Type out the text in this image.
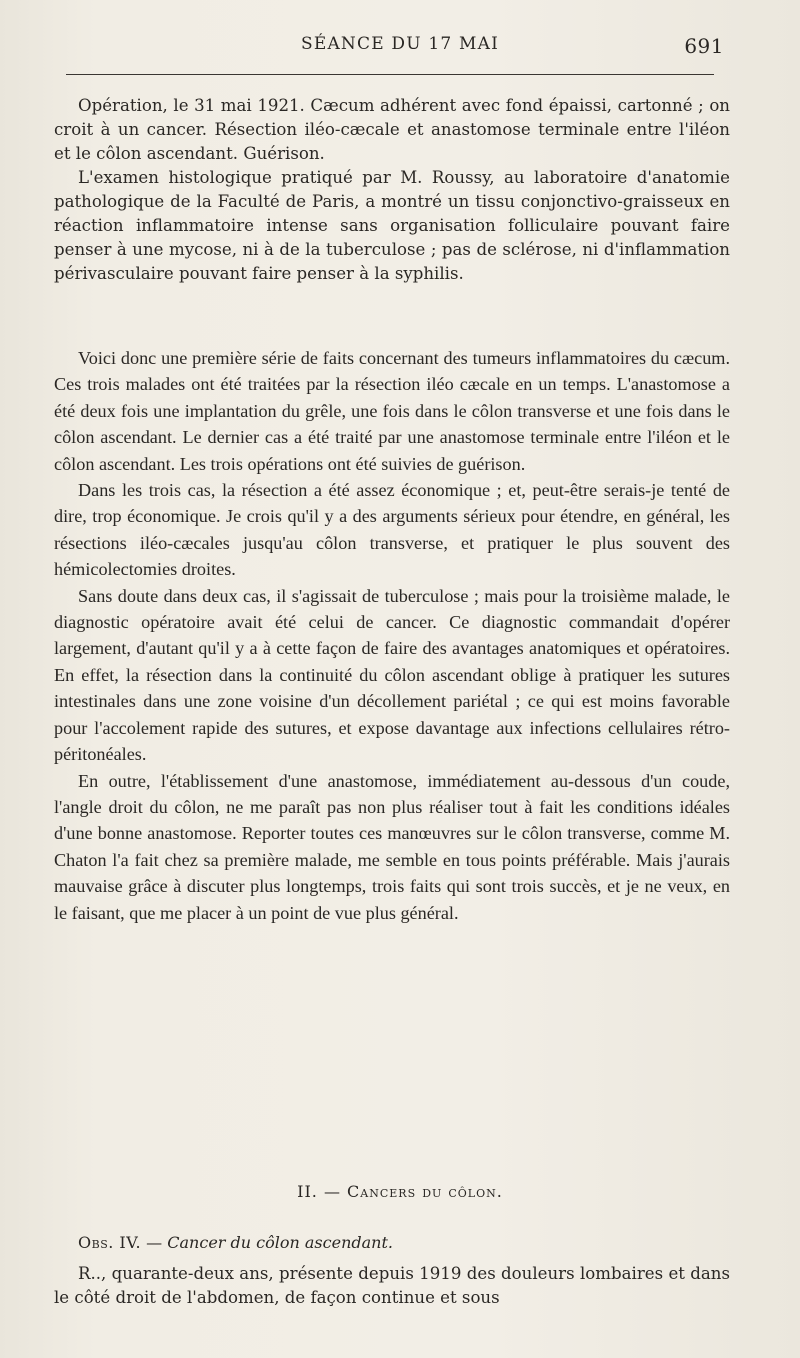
SÉANCE DU 17 MAI	691

Opération, le 31 mai 1921. Cæcum adhérent avec fond épaissi, cartonné ; on croit à un cancer. Résection iléo-cæcale et anastomose terminale entre l'iléon et le côlon ascendant. Guérison.

L'examen histologique pratiqué par M. Roussy, au laboratoire d'anatomie pathologique de la Faculté de Paris, a montré un tissu conjonctivo-graisseux en réaction inflammatoire intense sans organisation folliculaire pouvant faire penser à une mycose, ni à de la tuberculose ; pas de sclérose, ni d'inflammation périvasculaire pouvant faire penser à la syphilis.

Voici donc une première série de faits concernant des tumeurs inflammatoires du cæcum. Ces trois malades ont été traitées par la résection iléo cæcale en un temps. L'anastomose a été deux fois une implantation du grêle, une fois dans le côlon transverse et une fois dans le côlon ascendant. Le dernier cas a été traité par une anastomose terminale entre l'iléon et le côlon ascendant. Les trois opérations ont été suivies de guérison.

Dans les trois cas, la résection a été assez économique ; et, peut-être serais-je tenté de dire, trop économique. Je crois qu'il y a des arguments sérieux pour étendre, en général, les résections iléo-cæcales jusqu'au côlon transverse, et pratiquer le plus souvent des hémicolectomies droites.

Sans doute dans deux cas, il s'agissait de tuberculose ; mais pour la troisième malade, le diagnostic opératoire avait été celui de cancer. Ce diagnostic commandait d'opérer largement, d'autant qu'il y a à cette façon de faire des avantages anatomiques et opératoires. En effet, la résection dans la continuité du côlon ascendant oblige à pratiquer les sutures intestinales dans une zone voisine d'un décollement pariétal ; ce qui est moins favorable pour l'accolement rapide des sutures, et expose davantage aux infections cellulaires rétro-péritonéales.

En outre, l'établissement d'une anastomose, immédiatement au-dessous d'un coude, l'angle droit du côlon, ne me paraît pas non plus réaliser tout à fait les conditions idéales d'une bonne anastomose. Reporter toutes ces manœuvres sur le côlon transverse, comme M. Chaton l'a fait chez sa première malade, me semble en tous points préférable. Mais j'aurais mauvaise grâce à discuter plus longtemps, trois faits qui sont trois succès, et je ne veux, en le faisant, que me placer à un point de vue plus général.

II. — Cancers du côlon.
Obs. IV. — Cancer du côlon ascendant.

R.., quarante-deux ans, présente depuis 1919 des douleurs lombaires et dans le côté droit de l'abdomen, de façon continue et sous
